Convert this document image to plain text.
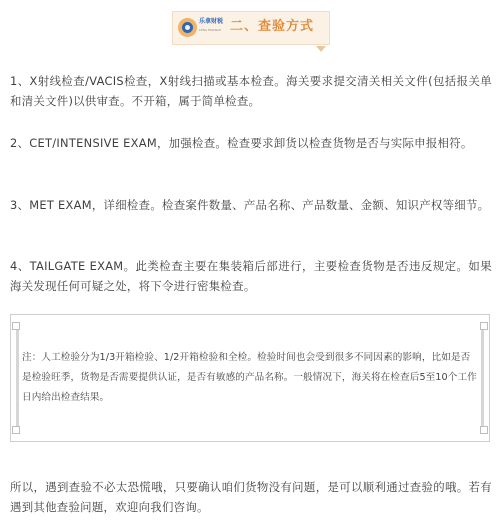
乐拿财税
LENA FINANCE 二、查验方式

1、X射线检查/VACIS检查，X射线扫描或基本检查。海关要求提交清关相关文件(包括报关单和清关文件)以供审查。不开箱，属于简单检查。

2、CET/INTENSIVE EXAM，加强检查。检查要求卸货以检查货物是否与实际申报相符。

3、MET EXAM，详细检查。检查案件数量、产品名称、产品数量、金额、知识产权等细节。

4、TAILGATE EXAM。此类检查主要在集装箱后部进行，主要检查货物是否违反规定。如果海关发现任何可疑之处，将下令进行密集检查。

注：人工检验分为1/3开箱检验、1/2开箱检验和全检。检验时间也会受到很多不同因素的影响，比如是否是检验旺季，货物是否需要提供认证，是否有敏感的产品名称。一般情况下，海关将在检查后5至10个工作日内给出检查结果。

所以，遇到查验不必太恐慌哦，只要确认咱们货物没有问题，是可以顺利通过查验的哦。若有遇到其他查验问题，欢迎向我们咨询。
